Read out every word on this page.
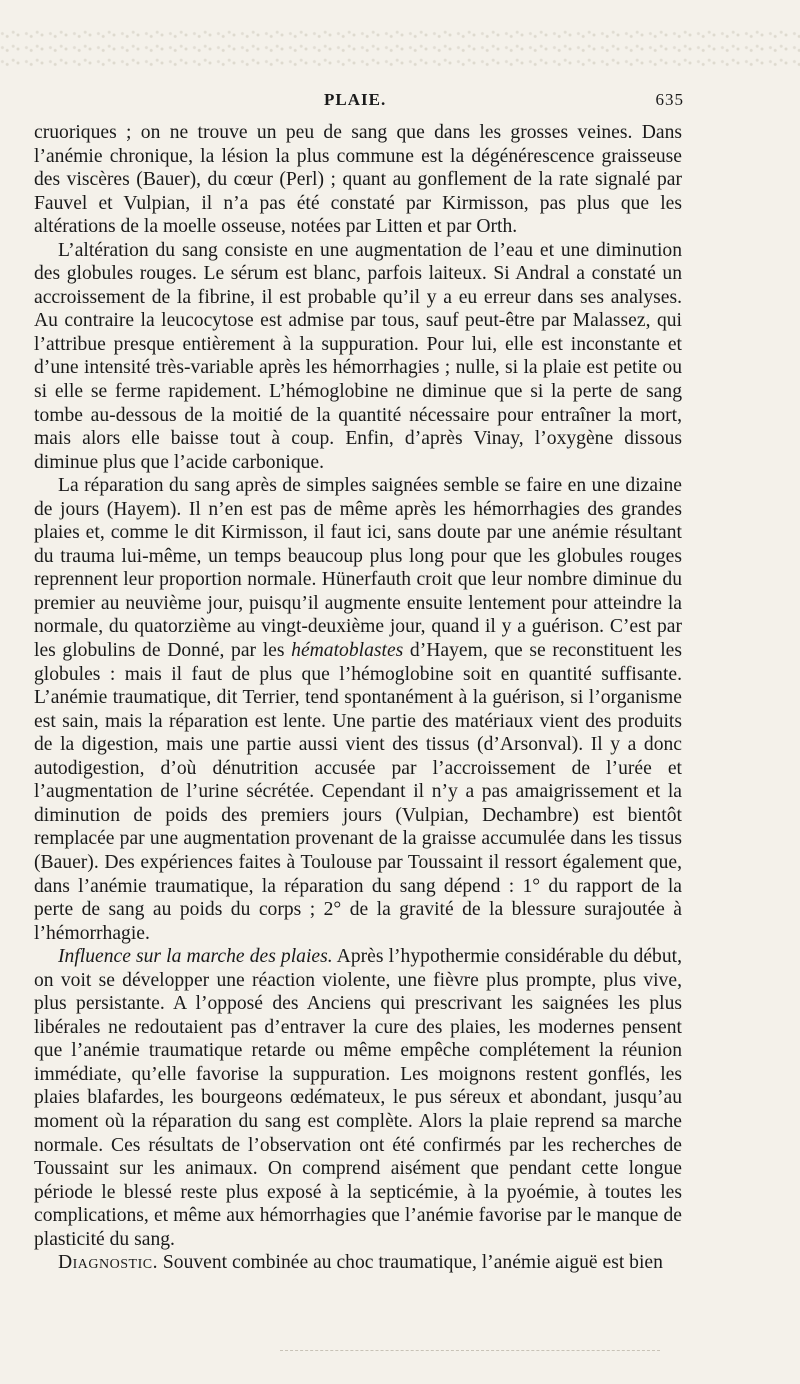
PLAIE.	635

cruoriques ; on ne trouve un peu de sang que dans les grosses veines. Dans l’anémie chronique, la lésion la plus commune est la dégénérescence graisseuse des viscères (Bauer), du cœur (Perl) ; quant au gonflement de la rate signalé par Fauvel et Vulpian, il n’a pas été constaté par Kirmisson, pas plus que les altérations de la moelle osseuse, notées par Litten et par Orth.

L’altération du sang consiste en une augmentation de l’eau et une diminution des globules rouges. Le sérum est blanc, parfois laiteux. Si Andral a constaté un accroissement de la fibrine, il est probable qu’il y a eu erreur dans ses analyses. Au contraire la leucocytose est admise par tous, sauf peut-être par Malassez, qui l’attribue presque entièrement à la suppuration. Pour lui, elle est inconstante et d’une intensité très-variable après les hémorrhagies ; nulle, si la plaie est petite ou si elle se ferme rapidement. L’hémoglobine ne diminue que si la perte de sang tombe au-dessous de la moitié de la quantité nécessaire pour entraîner la mort, mais alors elle baisse tout à coup. Enfin, d’après Vinay, l’oxygène dissous diminue plus que l’acide carbonique.

La réparation du sang après de simples saignées semble se faire en une dizaine de jours (Hayem). Il n’en est pas de même après les hémorrhagies des grandes plaies et, comme le dit Kirmisson, il faut ici, sans doute par une anémie résultant du trauma lui-même, un temps beaucoup plus long pour que les globules rouges reprennent leur proportion normale. Hünerfauth croit que leur nombre diminue du premier au neuvième jour, puisqu’il augmente ensuite lentement pour atteindre la normale, du quatorzième au vingt-deuxième jour, quand il y a guérison. C’est par les globulins de Donné, par les hématoblastes d’Hayem, que se reconstituent les globules : mais il faut de plus que l’hémoglobine soit en quantité suffisante. L’anémie traumatique, dit Terrier, tend spontanément à la guérison, si l’organisme est sain, mais la réparation est lente. Une partie des matériaux vient des produits de la digestion, mais une partie aussi vient des tissus (d’Arsonval). Il y a donc autodigestion, d’où dénutrition accusée par l’accroissement de l’urée et l’augmentation de l’urine sécrétée. Cependant il n’y a pas amaigrissement et la diminution de poids des premiers jours (Vulpian, Dechambre) est bientôt remplacée par une augmentation provenant de la graisse accumulée dans les tissus (Bauer). Des expériences faites à Toulouse par Toussaint il ressort également que, dans l’anémie traumatique, la réparation du sang dépend : 1° du rapport de la perte de sang au poids du corps ; 2° de la gravité de la blessure surajoutée à l’hémorrhagie.

Influence sur la marche des plaies. Après l’hypothermie considérable du début, on voit se développer une réaction violente, une fièvre plus prompte, plus vive, plus persistante. A l’opposé des Anciens qui prescrivant les saignées les plus libérales ne redoutaient pas d’entraver la cure des plaies, les modernes pensent que l’anémie traumatique retarde ou même empêche complétement la réunion immédiate, qu’elle favorise la suppuration. Les moignons restent gonflés, les plaies blafardes, les bourgeons œdémateux, le pus séreux et abondant, jusqu’au moment où la réparation du sang est complète. Alors la plaie reprend sa marche normale. Ces résultats de l’observation ont été confirmés par les recherches de Toussaint sur les animaux. On comprend aisément que pendant cette longue période le blessé reste plus exposé à la septicémie, à la pyoémie, à toutes les complications, et même aux hémorrhagies que l’anémie favorise par le manque de plasticité du sang.

Diagnostic. Souvent combinée au choc traumatique, l’anémie aiguë est bien
